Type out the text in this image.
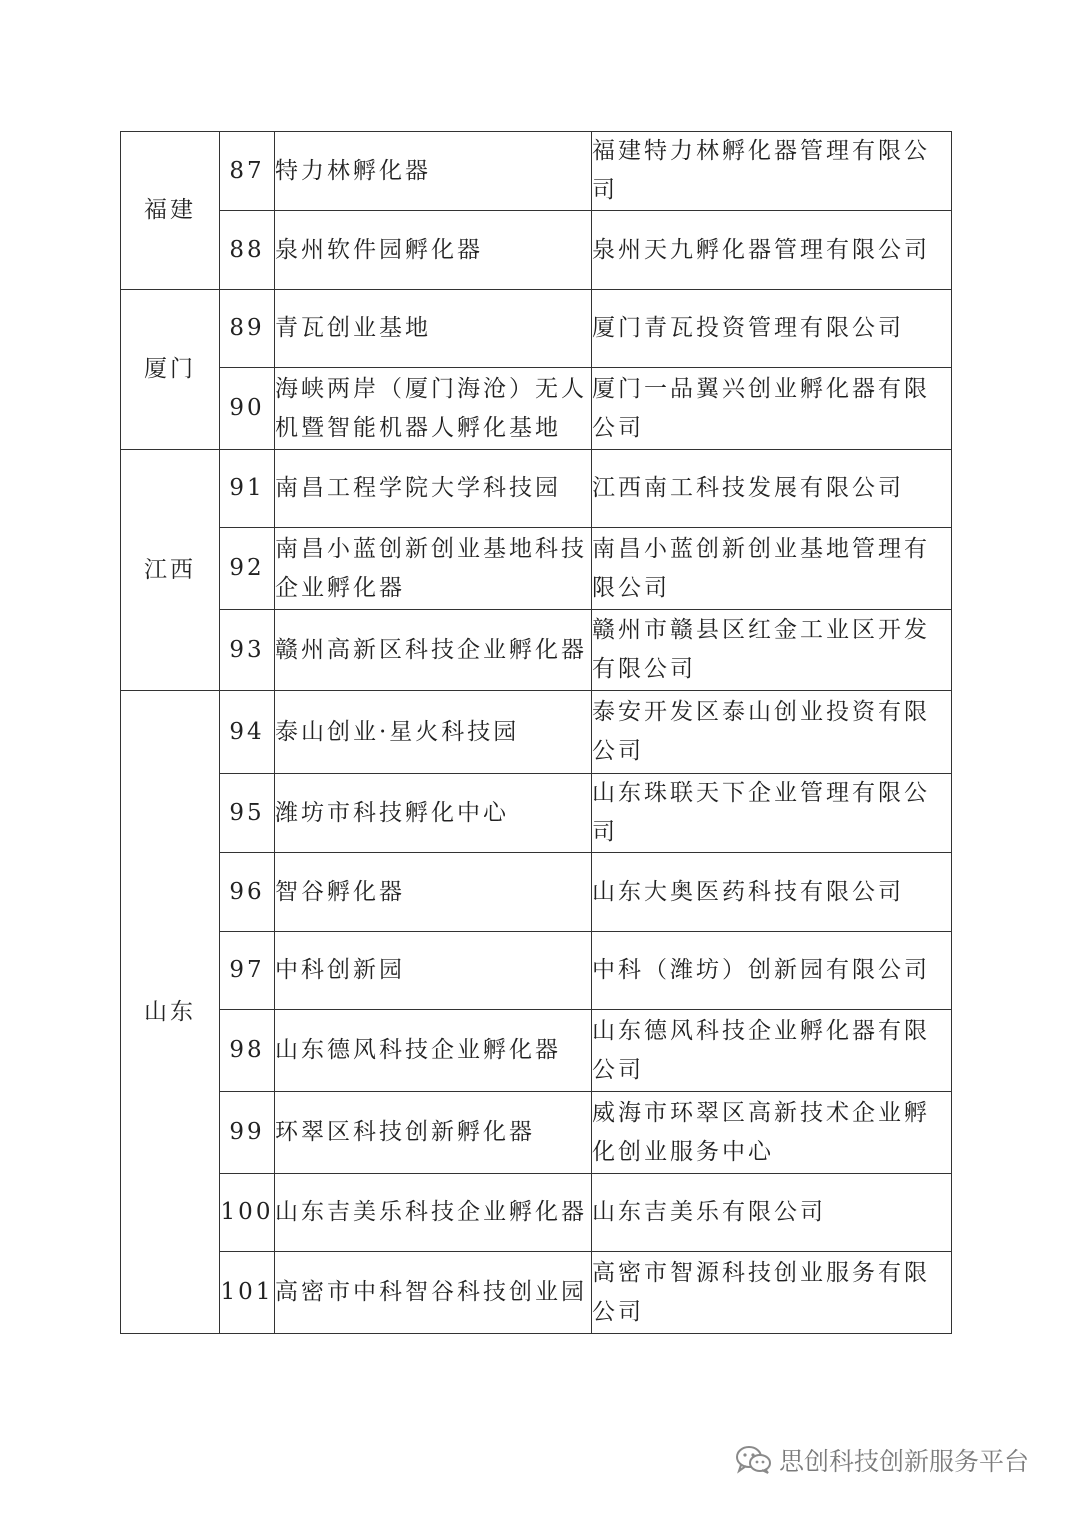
福建	87	特力林孵化器	福建特力林孵化器管理有限公司
	88	泉州软件园孵化器	泉州天九孵化器管理有限公司
厦门	89	青瓦创业基地	厦门青瓦投资管理有限公司
	90	海峡两岸（厦门海沧）无人机暨智能机器人孵化基地	厦门一品翼兴创业孵化器有限公司
江西	91	南昌工程学院大学科技园	江西南工科技发展有限公司
	92	南昌小蓝创新创业基地科技企业孵化器	南昌小蓝创新创业基地管理有限公司
	93	赣州高新区科技企业孵化器	赣州市赣县区红金工业区开发有限公司
山东	94	泰山创业·星火科技园	泰安开发区泰山创业投资有限公司
	95	潍坊市科技孵化中心	山东珠联天下企业管理有限公司
	96	智谷孵化器	山东大奥医药科技有限公司
	97	中科创新园	中科（潍坊）创新园有限公司
	98	山东德风科技企业孵化器	山东德风科技企业孵化器有限公司
	99	环翠区科技创新孵化器	威海市环翠区高新技术企业孵化创业服务中心
	100	山东吉美乐科技企业孵化器	山东吉美乐有限公司
	101	高密市中科智谷科技创业园	高密市智源科技创业服务有限公司
思创科技创新服务平台
